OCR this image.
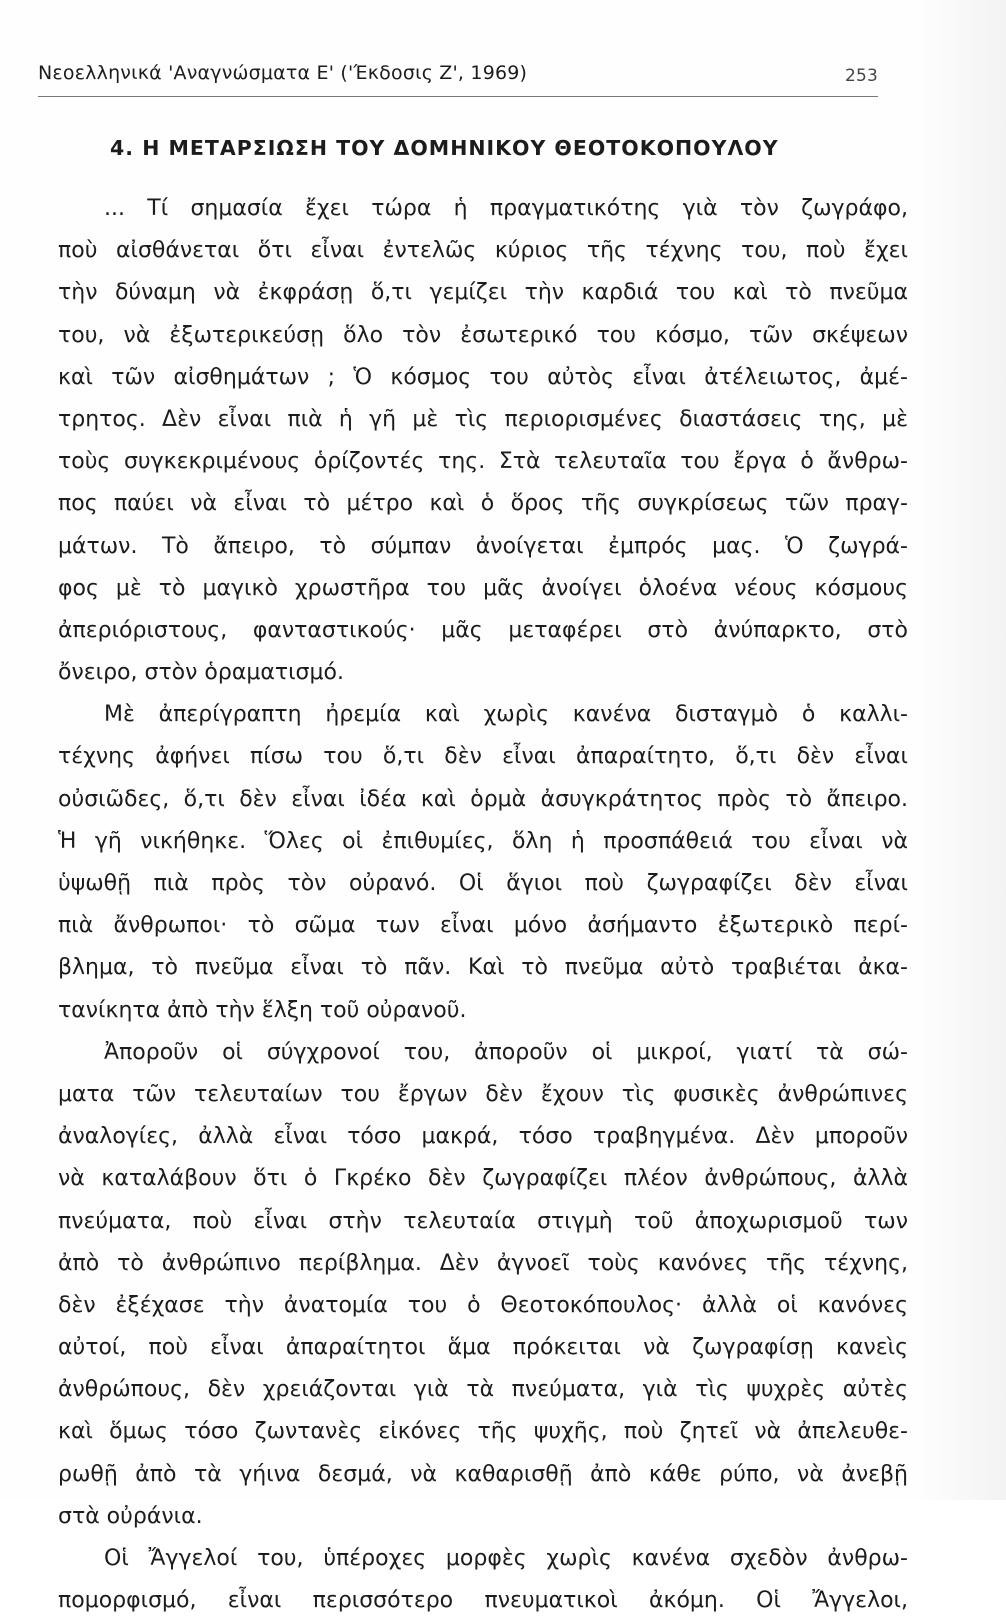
Νεοελληνικά 'Αναγνώσματα Ε' ('Έκδοσις Ζ', 1969)	253
4. Η ΜΕΤΑΡΣΙΩΣΗ ΤΟΥ ΔΟΜΗΝΙΚΟΥ ΘΕΟΤΟΚΟΠΟΥΛΟΥ
... Τί σημασία ἔχει τώρα ἡ πραγματικότης γιὰ τὸν ζωγράφο,
ποὺ αἰσθάνεται ὅτι εἶναι ἐντελῶς κύριος τῆς τέχνης του, ποὺ ἔχει
τὴν δύναμη νὰ ἐκφράσῃ ὅ,τι γεμίζει τὴν καρδιά του καὶ τὸ πνεῦμα
του, νὰ ἐξωτερικεύσῃ ὅλο τὸν ἐσωτερικό του κόσμο, τῶν σκέψεων
καὶ τῶν αἰσθημάτων ; Ὁ κόσμος του αὐτὸς εἶναι ἀτέλειωτος, ἀμέ-
τρητος. Δὲν εἶναι πιὰ ἡ γῆ μὲ τὶς περιορισμένες διαστάσεις της, μὲ
τοὺς συγκεκριμένους ὁρίζοντές της. Στὰ τελευταῖα του ἔργα ὁ ἄνθρω-
πος παύει νὰ εἶναι τὸ μέτρο καὶ ὁ ὅρος τῆς συγκρίσεως τῶν πραγ-
μάτων. Τὸ ἄπειρο, τὸ σύμπαν ἀνοίγεται ἐμπρός μας. Ὁ ζωγρά-
φος μὲ τὸ μαγικὸ χρωστῆρα του μᾶς ἀνοίγει ὁλοένα νέους κόσμους
ἀπεριόριστους, φανταστικούς· μᾶς μεταφέρει στὸ ἀνύπαρκτο, στὸ
ὄνειρο, στὸν ὁραματισμό.
Μὲ ἀπερίγραπτη ἠρεμία καὶ χωρὶς κανένα δισταγμὸ ὁ καλλι-
τέχνης ἀφήνει πίσω του ὅ,τι δὲν εἶναι ἀπαραίτητο, ὅ,τι δὲν εἶναι
οὐσιῶδες, ὅ,τι δὲν εἶναι ἰδέα καὶ ὁρμὰ ἀσυγκράτητος πρὸς τὸ ἄπειρο.
Ἡ γῆ νικήθηκε. Ὅλες οἱ ἐπιθυμίες, ὅλη ἡ προσπάθειά του εἶναι νὰ
ὑψωθῇ πιὰ πρὸς τὸν οὐρανό. Οἱ ἅγιοι ποὺ ζωγραφίζει δὲν εἶναι
πιὰ ἄνθρωποι· τὸ σῶμα των εἶναι μόνο ἀσήμαντο ἐξωτερικὸ περί-
βλημα, τὸ πνεῦμα εἶναι τὸ πᾶν. Καὶ τὸ πνεῦμα αὐτὸ τραβιέται ἀκα-
τανίκητα ἀπὸ τὴν ἕλξη τοῦ οὐρανοῦ.
Ἀποροῦν οἱ σύγχρονοί του, ἀποροῦν οἱ μικροί, γιατί τὰ σώ-
ματα τῶν τελευταίων του ἔργων δὲν ἔχουν τὶς φυσικὲς ἀνθρώπινες
ἀναλογίες, ἀλλὰ εἶναι τόσο μακρά, τόσο τραβηγμένα. Δὲν μποροῦν
νὰ καταλάβουν ὅτι ὁ Γκρέκο δὲν ζωγραφίζει πλέον ἀνθρώπους, ἀλλὰ
πνεύματα, ποὺ εἶναι στὴν τελευταία στιγμὴ τοῦ ἀποχωρισμοῦ των
ἀπὸ τὸ ἀνθρώπινο περίβλημα. Δὲν ἀγνοεῖ τοὺς κανόνες τῆς τέχνης,
δὲν ἐξέχασε τὴν ἀνατομία του ὁ Θεοτοκόπουλος· ἀλλὰ οἱ κανόνες
αὐτοί, ποὺ εἶναι ἀπαραίτητοι ἅμα πρόκειται νὰ ζωγραφίσῃ κανεὶς
ἀνθρώπους, δὲν χρειάζονται γιὰ τὰ πνεύματα, γιὰ τὶς ψυχρὲς αὐτὲς
καὶ ὅμως τόσο ζωντανὲς εἰκόνες τῆς ψυχῆς, ποὺ ζητεῖ νὰ ἀπελευθε-
ρωθῇ ἀπὸ τὰ γήινα δεσμά, νὰ καθαρισθῇ ἀπὸ κάθε ρύπο, νὰ ἀνεβῇ
στὰ οὐράνια.
Οἱ Ἄγγελοί του, ὑπέροχες μορφὲς χωρὶς κανένα σχεδὸν ἀνθρω-
πομορφισμό, εἶναι περισσότερο πνευματικοὶ ἀκόμη. Οἱ Ἄγγελοι,
